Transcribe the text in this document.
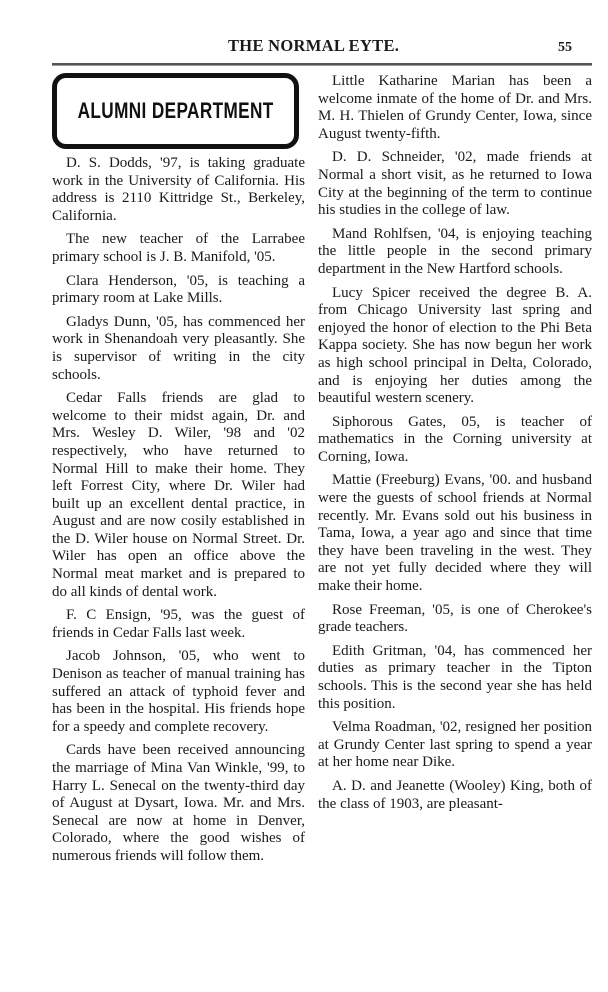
THE NORMAL EYTE.	55
ALUMNI DEPARTMENT

D. S. Dodds, '97, is taking graduate work in the University of California. His address is 2110 Kittridge St., Berkeley, California.

The new teacher of the Larrabee primary school is J. B. Manifold, '05.

Clara Henderson, '05, is teaching a primary room at Lake Mills.

Gladys Dunn, '05, has commenced her work in Shenandoah very pleasantly. She is supervisor of writing in the city schools.

Cedar Falls friends are glad to welcome to their midst again, Dr. and Mrs. Wesley D. Wiler, '98 and '02 respectively, who have returned to Normal Hill to make their home. They left Forrest City, where Dr. Wiler had built up an excellent dental practice, in August and are now cosily established in the D. Wiler house on Normal Street. Dr. Wiler has open an office above the Normal meat market and is prepared to do all kinds of dental work.

F. C Ensign, '95, was the guest of friends in Cedar Falls last week.

Jacob Johnson, '05, who went to Denison as teacher of manual training has suffered an attack of typhoid fever and has been in the hospital. His friends hope for a speedy and complete recovery.

Cards have been received announcing the marriage of Mina Van Winkle, '99, to Harry L. Senecal on the twenty-third day of August at Dysart, Iowa. Mr. and Mrs. Senecal are now at home in Denver, Colorado, where the good wishes of numerous friends will follow them.

Little Katharine Marian has been a welcome inmate of the home of Dr. and Mrs. M. H. Thielen of Grundy Center, Iowa, since August twenty-fifth.

D. D. Schneider, '02, made friends at Normal a short visit, as he returned to Iowa City at the beginning of the term to continue his studies in the college of law.

Mand Rohlfsen, '04, is enjoying teaching the little people in the second primary department in the New Hartford schools.

Lucy Spicer received the degree B. A. from Chicago University last spring and enjoyed the honor of election to the Phi Beta Kappa society. She has now begun her work as high school principal in Delta, Colorado, and is enjoying her duties among the beautiful western scenery.

Siphorous Gates, 05, is teacher of mathematics in the Corning university at Corning, Iowa.

Mattie (Freeburg) Evans, '00. and husband were the guests of school friends at Normal recently. Mr. Evans sold out his business in Tama, Iowa, a year ago and since that time they have been traveling in the west. They are not yet fully decided where they will make their home.

Rose Freeman, '05, is one of Cherokee's grade teachers.

Edith Gritman, '04, has commenced her duties as primary teacher in the Tipton schools. This is the second year she has held this position.

Velma Roadman, '02, resigned her position at Grundy Center last spring to spend a year at her home near Dike.

A. D. and Jeanette (Wooley) King, both of the class of 1903, are pleasant-
